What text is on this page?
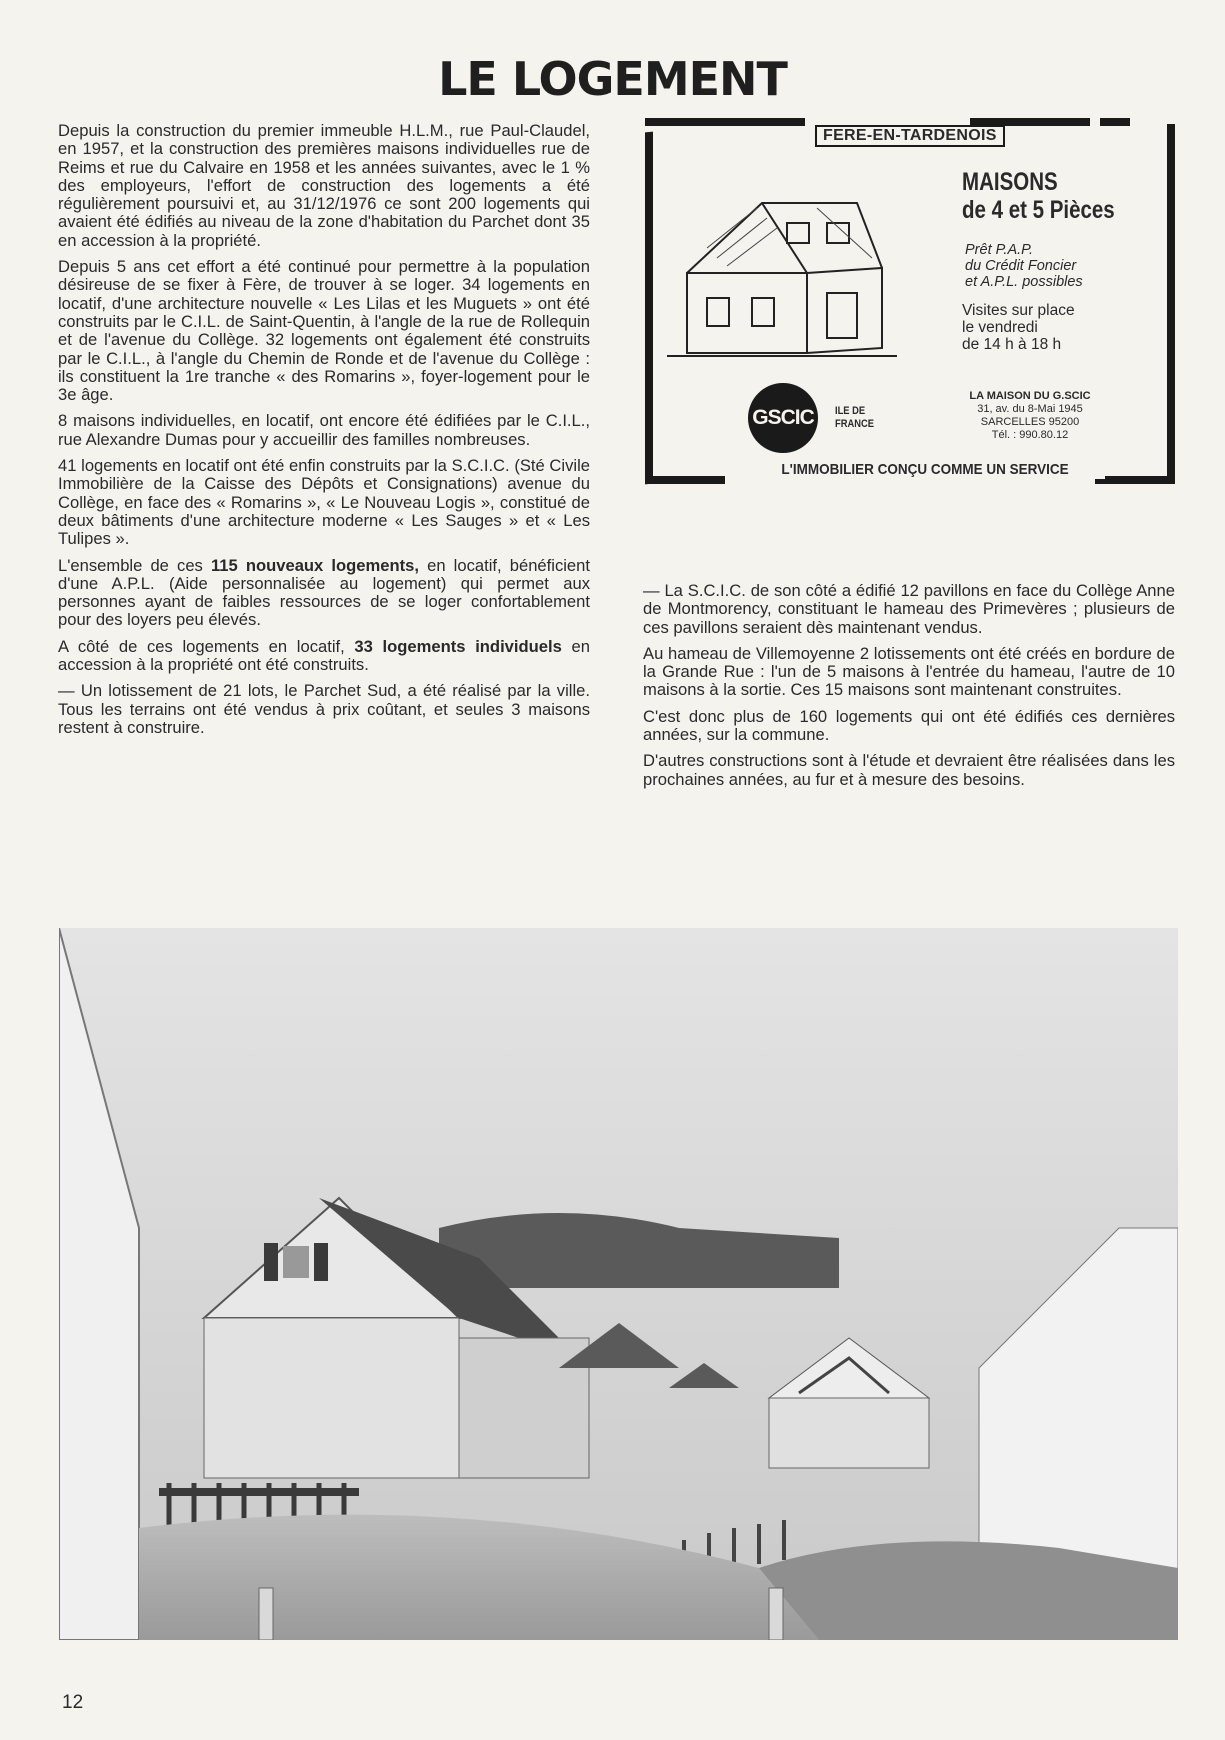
LE LOGEMENT

Depuis la construction du premier immeuble H.L.M., rue Paul-Claudel, en 1957, et la construction des premières maisons individuelles rue de Reims et rue du Calvaire en 1958 et les années suivantes, avec le 1 % des employeurs, l'effort de construction des logements a été régulièrement poursuivi et, au 31/12/1976 ce sont 200 logements qui avaient été édifiés au niveau de la zone d'habitation du Parchet dont 35 en accession à la propriété.

Depuis 5 ans cet effort a été continué pour permettre à la population désireuse de se fixer à Fère, de trouver à se loger. 34 logements en locatif, d'une architecture nouvelle « Les Lilas et les Muguets » ont été construits par le C.I.L. de Saint-Quentin, à l'angle de la rue de Rollequin et de l'avenue du Collège. 32 logements ont également été construits par le C.I.L., à l'angle du Chemin de Ronde et de l'avenue du Collège : ils constituent la 1re tranche « des Romarins », foyer-logement pour le 3e âge.

8 maisons individuelles, en locatif, ont encore été édifiées par le C.I.L., rue Alexandre Dumas pour y accueillir des familles nombreuses.

41 logements en locatif ont été enfin construits par la S.C.I.C. (Sté Civile Immobilière de la Caisse des Dépôts et Consignations) avenue du Collège, en face des « Romarins », « Le Nouveau Logis », constitué de deux bâtiments d'une architecture moderne « Les Sauges » et « Les Tulipes ».

L'ensemble de ces 115 nouveaux logements, en locatif, bénéficient d'une A.P.L. (Aide personnalisée au logement) qui permet aux personnes ayant de faibles ressources de se loger confortablement pour des loyers peu élevés.

A côté de ces logements en locatif, 33 logements individuels en accession à la propriété ont été construits.

— Un lotissement de 21 lots, le Parchet Sud, a été réalisé par la ville. Tous les terrains ont été vendus à prix coûtant, et seules 3 maisons restent à construire.

FERE-EN-TARDENOIS
MAISONS
de 4 et 5 Pièces
Prêt P.A.P.
du Crédit Foncier
et A.P.L. possibles
Visites sur place
le vendredi
de 14 h à 18 h
GSCIC	ILE DE
FRANCE
LA MAISON DU G.SCIC
31, av. du 8-Mai 1945
SARCELLES 95200
Tél. : 990.80.12
L'IMMOBILIER CONÇU COMME UN SERVICE

— La S.C.I.C. de son côté a édifié 12 pavillons en face du Collège Anne de Montmorency, constituant le hameau des Primevères ; plusieurs de ces pavillons seraient dès maintenant vendus.

Au hameau de Villemoyenne 2 lotissements ont été créés en bordure de la Grande Rue : l'un de 5 maisons à l'entrée du hameau, l'autre de 10 maisons à la sortie. Ces 15 maisons sont maintenant construites.

C'est donc plus de 160 logements qui ont été édifiés ces dernières années, sur la commune.

D'autres constructions sont à l'étude et devraient être réalisées dans les prochaines années, au fur et à mesure des besoins.

12
